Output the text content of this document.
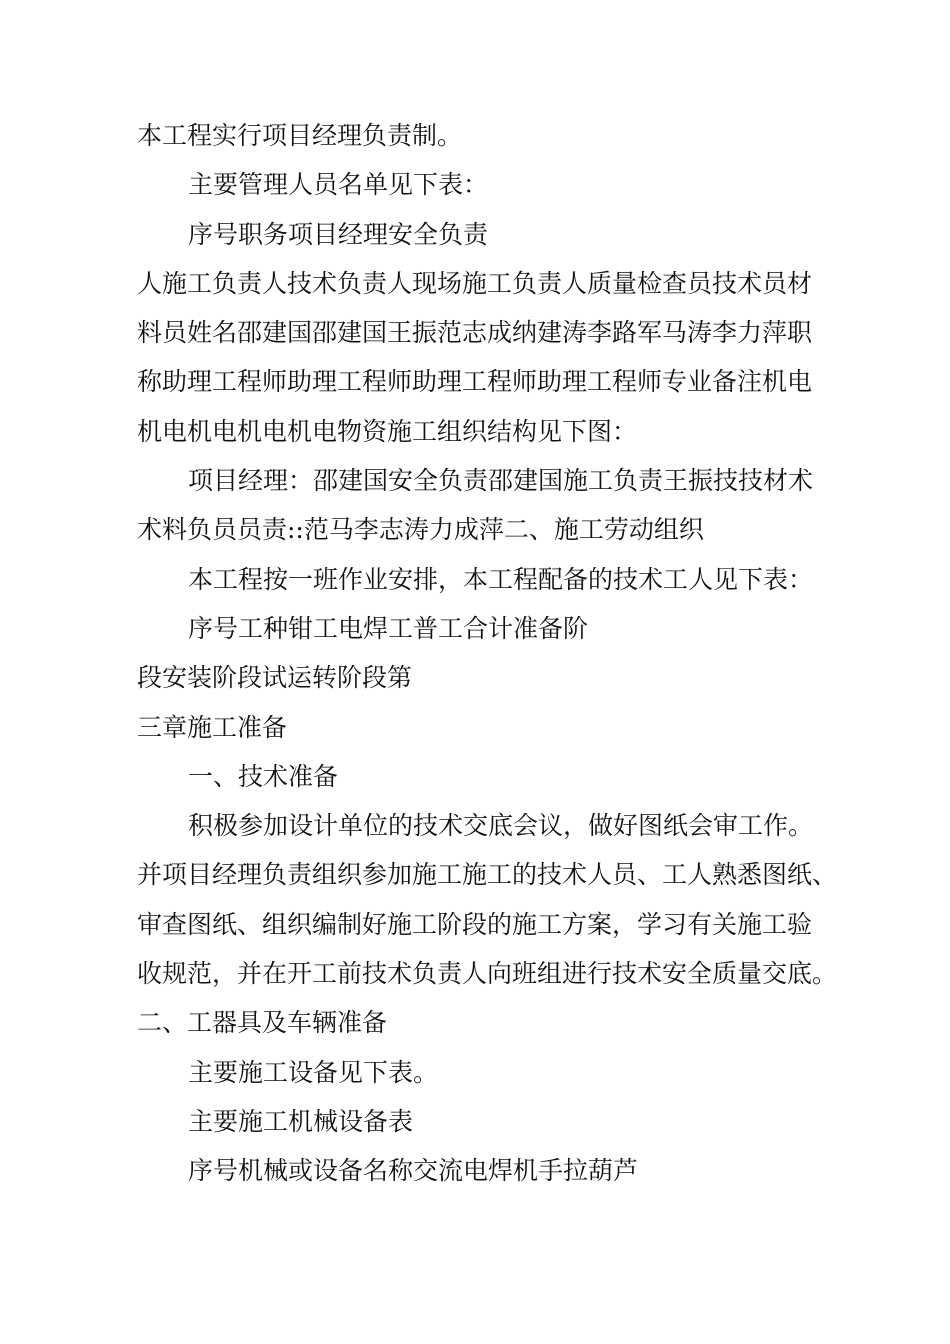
本工程实行项目经理负责制。
主要管理人员名单见下表：
序号职务项目经理安全负责
人施工负责人技术负责人现场施工负责人质量检查员技术员材
料员姓名邵建国邵建国王振范志成纳建涛李路军马涛李力萍职
称助理工程师助理工程师助理工程师助理工程师专业备注机电
机电机电机电机电物资施工组织结构见下图：
项目经理：邵建国安全负责邵建国施工负责王振技技材术
术料负员员责::范马李志涛力成萍二、施工劳动组织
本工程按一班作业安排，本工程配备的技术工人见下表：
序号工种钳工电焊工普工合计准备阶
段安装阶段试运转阶段第
三章施工准备
一、技术准备
积极参加设计单位的技术交底会议，做好图纸会审工作。
并项目经理负责组织参加施工施工的技术人员、工人熟悉图纸、
审查图纸、组织编制好施工阶段的施工方案，学习有关施工验
收规范，并在开工前技术负责人向班组进行技术安全质量交底。
二、工器具及车辆准备
主要施工设备见下表。
主要施工机械设备表
序号机械或设备名称交流电焊机手拉葫芦
